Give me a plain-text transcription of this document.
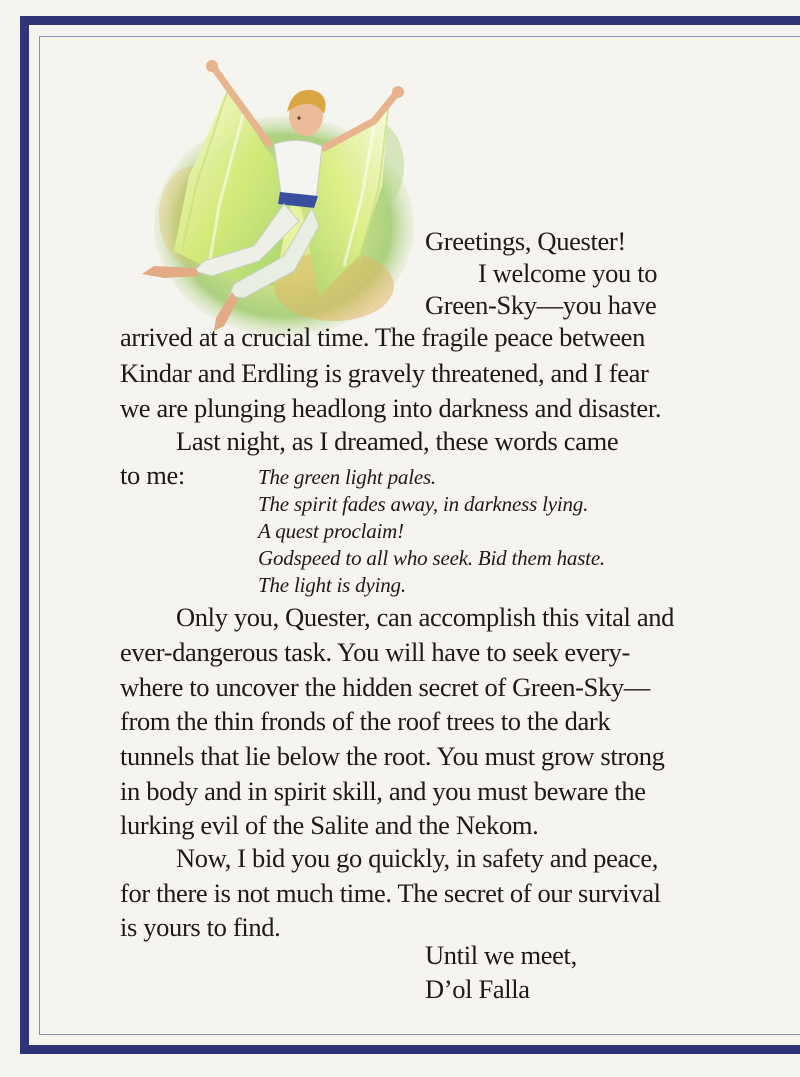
Greetings, Quester!
I welcome you to
Green-Sky—you have
arrived at a crucial time. The fragile peace between
Kindar and Erdling is gravely threatened, and I fear
we are plunging headlong into darkness and disaster.
Last night, as I dreamed, these words came
to me:	The green light pales.
The spirit fades away, in darkness lying.
A quest proclaim!
Godspeed to all who seek. Bid them haste.
The light is dying.
Only you, Quester, can accomplish this vital and
ever-dangerous task. You will have to seek every-
where to uncover the hidden secret of Green-Sky—
from the thin fronds of the roof trees to the dark
tunnels that lie below the root. You must grow strong
in body and in spirit skill, and you must beware the
lurking evil of the Salite and the Nekom.
Now, I bid you go quickly, in safety and peace,
for there is not much time. The secret of our survival
is yours to find.
Until we meet,
D’ol Falla
